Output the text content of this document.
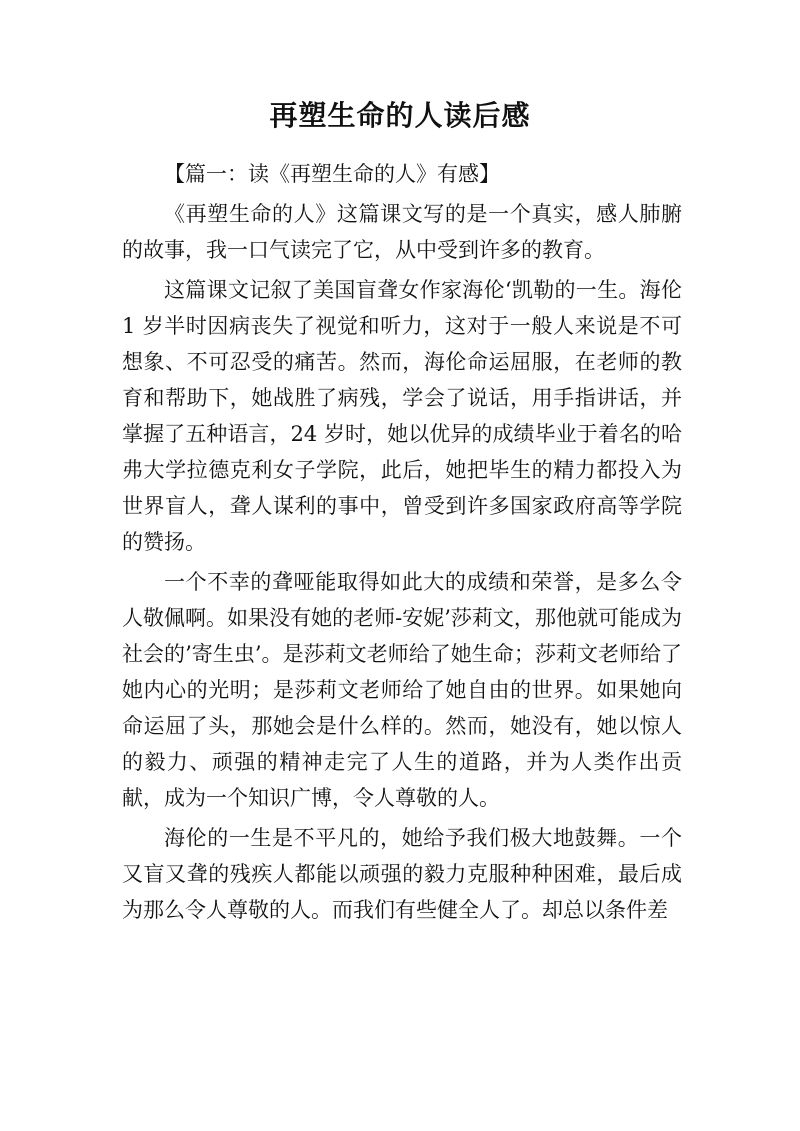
再塑生命的人读后感

【篇一：读《再塑生命的人》有感】

《再塑生命的人》这篇课文写的是一个真实，感人肺腑的故事，我一口气读完了它，从中受到许多的教育。

这篇课文记叙了美国盲聋女作家海伦‘凯勒的一生。海伦 1 岁半时因病丧失了视觉和听力，这对于一般人来说是不可想象、不可忍受的痛苦。然而，海伦命运屈服，在老师的教育和帮助下，她战胜了病残，学会了说话，用手指讲话，并掌握了五种语言，24 岁时，她以优异的成绩毕业于着名的哈弗大学拉德克利女子学院，此后，她把毕生的精力都投入为世界盲人，聋人谋利的事中，曾受到许多国家政府高等学院的赞扬。

一个不幸的聋哑能取得如此大的成绩和荣誉，是多么令人敬佩啊。如果没有她的老师-安妮’莎莉文，那他就可能成为社会的’寄生虫’。是莎莉文老师给了她生命；莎莉文老师给了她内心的光明；是莎莉文老师给了她自由的世界。如果她向命运屈了头，那她会是什么样的。然而，她没有，她以惊人的毅力、顽强的精神走完了人生的道路，并为人类作出贡献，成为一个知识广博，令人尊敬的人。

海伦的一生是不平凡的，她给予我们极大地鼓舞。一个又盲又聋的残疾人都能以顽强的毅力克服种种困难，最后成为那么令人尊敬的人。而我们有些健全人了。却总以条件差
